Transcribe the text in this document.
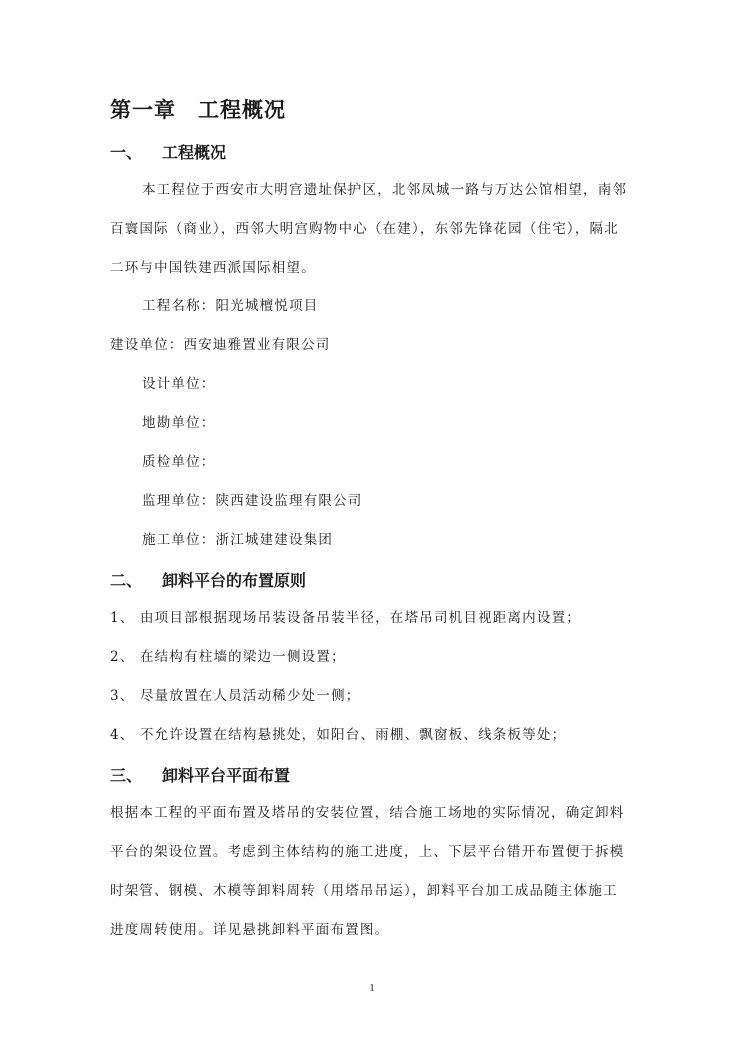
第一章　工程概况
一、 工程概况
本工程位于西安市大明宫遗址保护区，北邻凤城一路与万达公馆相望，南邻
百寰国际（商业），西邻大明宫购物中心（在建），东邻先锋花园（住宅），隔北
二环与中国铁建西派国际相望。
工程名称：阳光城檀悦项目
建设单位：西安迪雅置业有限公司
设计单位：
地勘单位：
质检单位：
监理单位：陕西建设监理有限公司
施工单位：浙江城建建设集团
二、 卸料平台的布置原则
1、 由项目部根据现场吊装设备吊装半径，在塔吊司机目视距离内设置；
2、 在结构有柱墙的梁边一侧设置；
3、 尽量放置在人员活动稀少处一侧；
4、 不允许设置在结构悬挑处，如阳台、雨棚、飘窗板、线条板等处；
三、 卸料平台平面布置
根据本工程的平面布置及塔吊的安装位置，结合施工场地的实际情况，确定卸料
平台的架设位置。考虑到主体结构的施工进度，上、下层平台错开布置便于拆模
时架管、钢模、木模等卸料周转（用塔吊吊运），卸料平台加工成品随主体施工
进度周转使用。详见悬挑卸料平面布置图。
1
